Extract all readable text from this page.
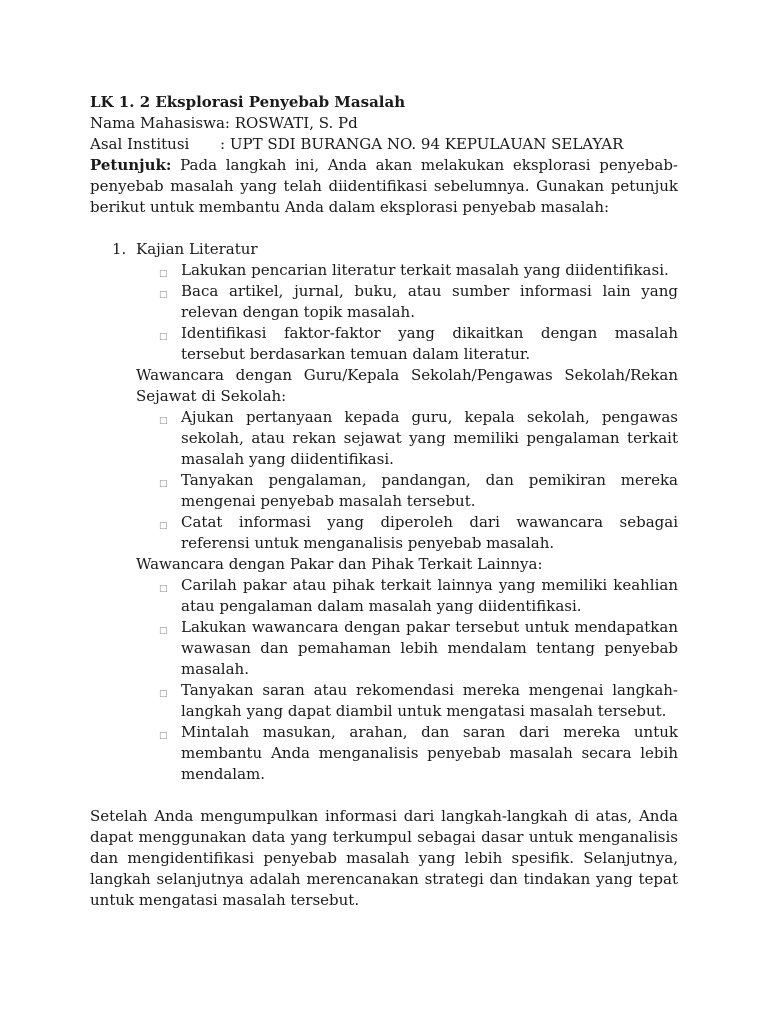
LK 1. 2 Eksplorasi Penyebab Masalah

Nama Mahasiswa: ROSWATI, S. Pd

Asal Institusi : UPT SDI BURANGA NO. 94 KEPULAUAN SELAYAR

Petunjuk: Pada langkah ini, Anda akan melakukan eksplorasi penyebab-penyebab masalah yang telah diidentifikasi sebelumnya. Gunakan petunjuk berikut untuk membantu Anda dalam eksplorasi penyebab masalah:

1. Kajian Literatur
□ Lakukan pencarian literatur terkait masalah yang diidentifikasi.
□ Baca artikel, jurnal, buku, atau sumber informasi lain yang relevan dengan topik masalah.
□ Identifikasi faktor-faktor yang dikaitkan dengan masalah tersebut berdasarkan temuan dalam literatur.
Wawancara dengan Guru/Kepala Sekolah/Pengawas Sekolah/Rekan Sejawat di Sekolah:
□ Ajukan pertanyaan kepada guru, kepala sekolah, pengawas sekolah, atau rekan sejawat yang memiliki pengalaman terkait masalah yang diidentifikasi.
□ Tanyakan pengalaman, pandangan, dan pemikiran mereka mengenai penyebab masalah tersebut.
□ Catat informasi yang diperoleh dari wawancara sebagai referensi untuk menganalisis penyebab masalah.
Wawancara dengan Pakar dan Pihak Terkait Lainnya:
□ Carilah pakar atau pihak terkait lainnya yang memiliki keahlian atau pengalaman dalam masalah yang diidentifikasi.
□ Lakukan wawancara dengan pakar tersebut untuk mendapatkan wawasan dan pemahaman lebih mendalam tentang penyebab masalah.
□ Tanyakan saran atau rekomendasi mereka mengenai langkah-langkah yang dapat diambil untuk mengatasi masalah tersebut.
□ Mintalah masukan, arahan, dan saran dari mereka untuk membantu Anda menganalisis penyebab masalah secara lebih mendalam.

Setelah Anda mengumpulkan informasi dari langkah-langkah di atas, Anda dapat menggunakan data yang terkumpul sebagai dasar untuk menganalisis dan mengidentifikasi penyebab masalah yang lebih spesifik. Selanjutnya, langkah selanjutnya adalah merencanakan strategi dan tindakan yang tepat untuk mengatasi masalah tersebut.
